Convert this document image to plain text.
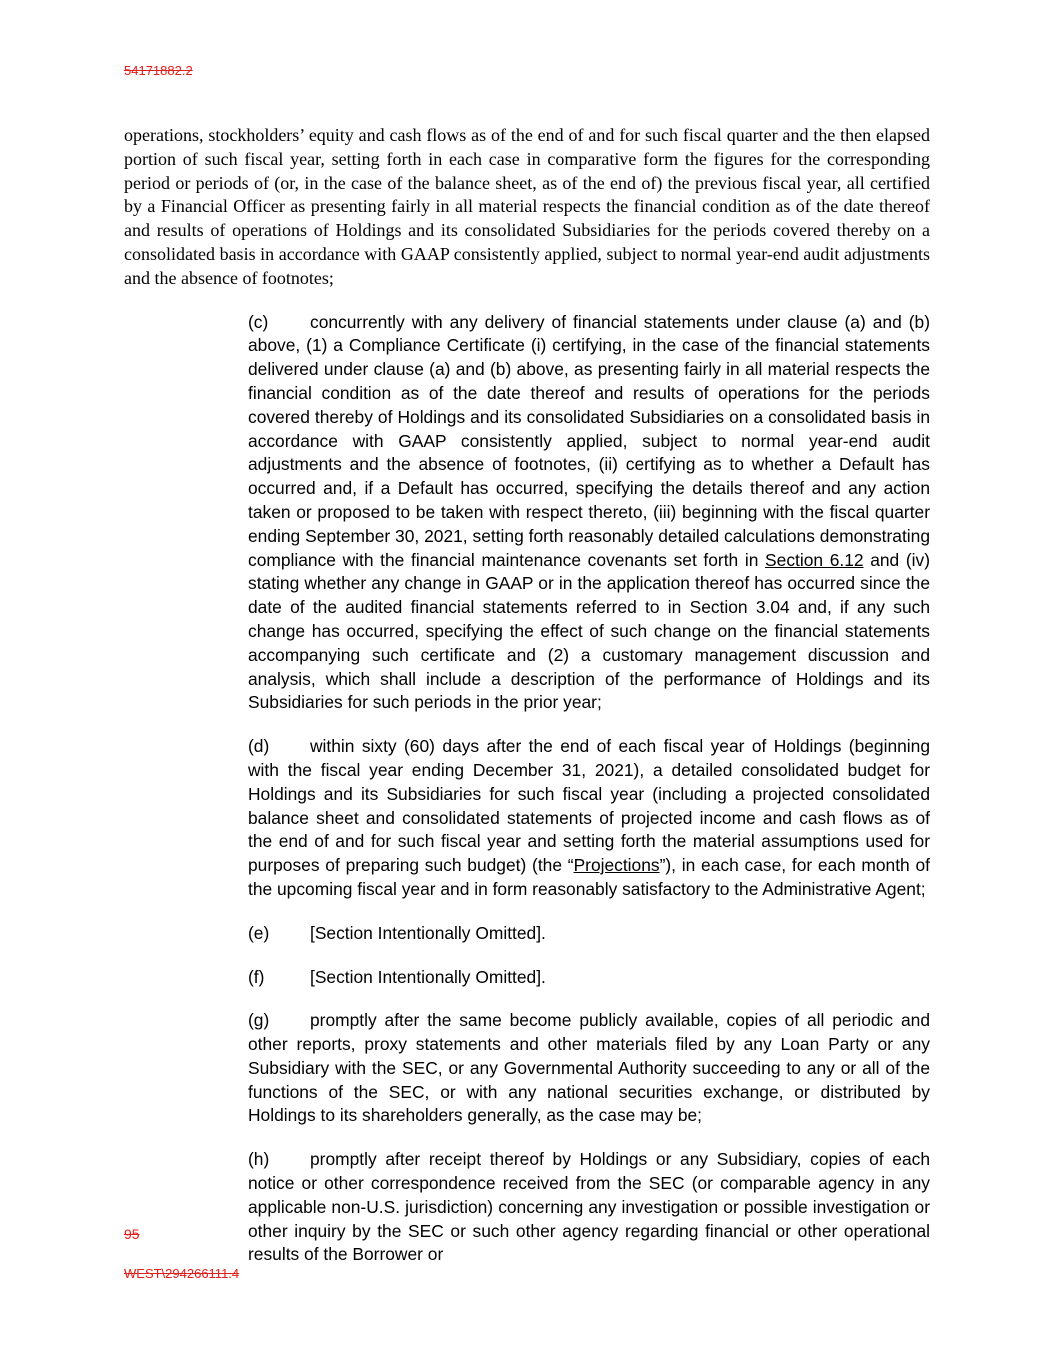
54171882.2

operations, stockholders’ equity and cash flows as of the end of and for such fiscal quarter and the then elapsed portion of such fiscal year, setting forth in each case in comparative form the figures for the corresponding period or periods of (or, in the case of the balance sheet, as of the end of) the previous fiscal year, all certified by a Financial Officer as presenting fairly in all material respects the financial condition as of the date thereof and results of operations of Holdings and its consolidated Subsidiaries for the periods covered thereby on a consolidated basis in accordance with GAAP consistently applied, subject to normal year-end audit adjustments and the absence of footnotes;

(c) concurrently with any delivery of financial statements under clause (a) and (b) above, (1) a Compliance Certificate (i) certifying, in the case of the financial statements delivered under clause (a) and (b) above, as presenting fairly in all material respects the financial condition as of the date thereof and results of operations for the periods covered thereby of Holdings and its consolidated Subsidiaries on a consolidated basis in accordance with GAAP consistently applied, subject to normal year-end audit adjustments and the absence of footnotes, (ii) certifying as to whether a Default has occurred and, if a Default has occurred, specifying the details thereof and any action taken or proposed to be taken with respect thereto, (iii) beginning with the fiscal quarter ending September 30, 2021, setting forth reasonably detailed calculations demonstrating compliance with the financial maintenance covenants set forth in Section 6.12 and (iv) stating whether any change in GAAP or in the application thereof has occurred since the date of the audited financial statements referred to in Section 3.04 and, if any such change has occurred, specifying the effect of such change on the financial statements accompanying such certificate and (2) a customary management discussion and analysis, which shall include a description of the performance of Holdings and its Subsidiaries for such periods in the prior year;

(d) within sixty (60) days after the end of each fiscal year of Holdings (beginning with the fiscal year ending December 31, 2021), a detailed consolidated budget for Holdings and its Subsidiaries for such fiscal year (including a projected consolidated balance sheet and consolidated statements of projected income and cash flows as of the end of and for such fiscal year and setting forth the material assumptions used for purposes of preparing such budget) (the “Projections”), in each case, for each month of the upcoming fiscal year and in form reasonably satisfactory to the Administrative Agent;

(e) [Section Intentionally Omitted].

(f)	[Section Intentionally Omitted].

(g) promptly after the same become publicly available, copies of all periodic and other reports, proxy statements and other materials filed by any Loan Party or any Subsidiary with the SEC, or any Governmental Authority succeeding to any or all of the functions of the SEC, or with any national securities exchange, or distributed by Holdings to its shareholders generally, as the case may be;

(h) promptly after receipt thereof by Holdings or any Subsidiary, copies of each notice or other correspondence received from the SEC (or comparable agency in any applicable non-U.S. jurisdiction) concerning any investigation or possible investigation or other inquiry by the SEC or such other agency regarding financial or other operational results of the Borrower or

95
WEST\294266111.4
